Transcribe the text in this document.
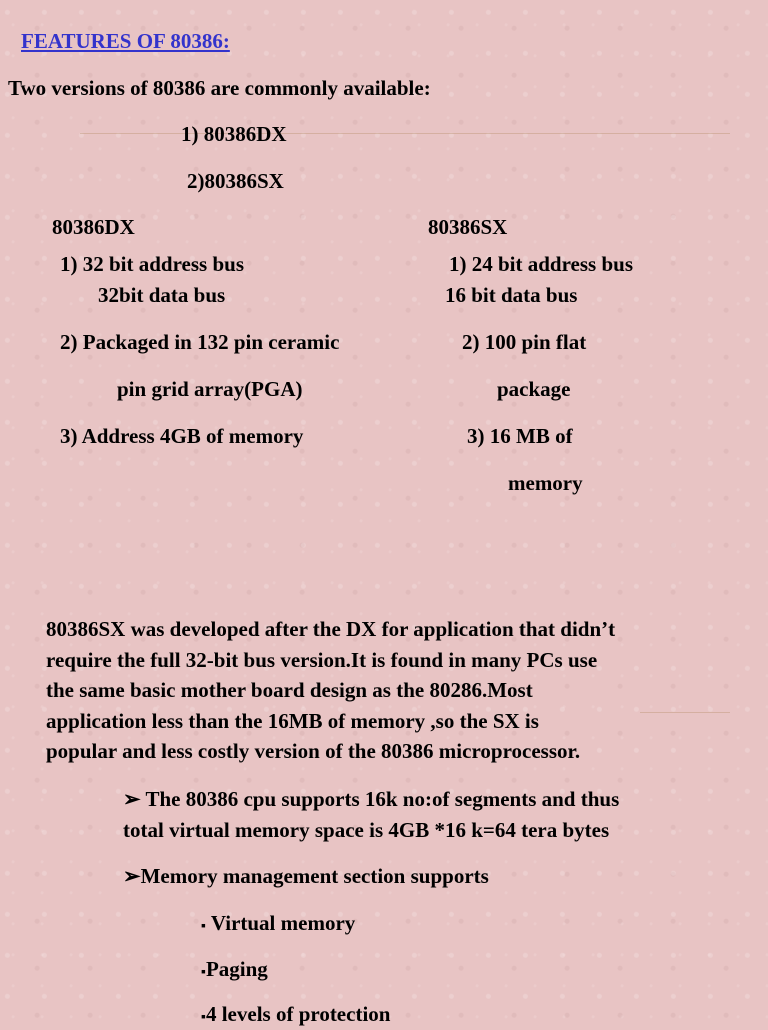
FEATURES OF 80386:
Two versions of 80386 are commonly available:
1) 80386DX
2)80386SX
80386DX
1) 32 bit address bus
32bit data bus
2) Packaged in 132 pin ceramic
pin grid array(PGA)
3) Address 4GB of memory
80386SX
1) 24 bit address bus
16 bit data bus
2) 100 pin flat
package
3) 16 MB of
memory
80386SX was developed after the DX for application that didn’t
require the full 32-bit bus version.It is found in many PCs use
the same basic mother board design as the 80286.Most
application less than the 16MB of memory ,so the SX is
popular and less costly version of the 80386 microprocessor.
➢ The 80386 cpu supports 16k no:of segments and thus
total virtual memory space is 4GB *16 k=64 tera bytes
➢Memory management section supports
▪ Virtual memory
▪Paging
▪4 levels of protection
